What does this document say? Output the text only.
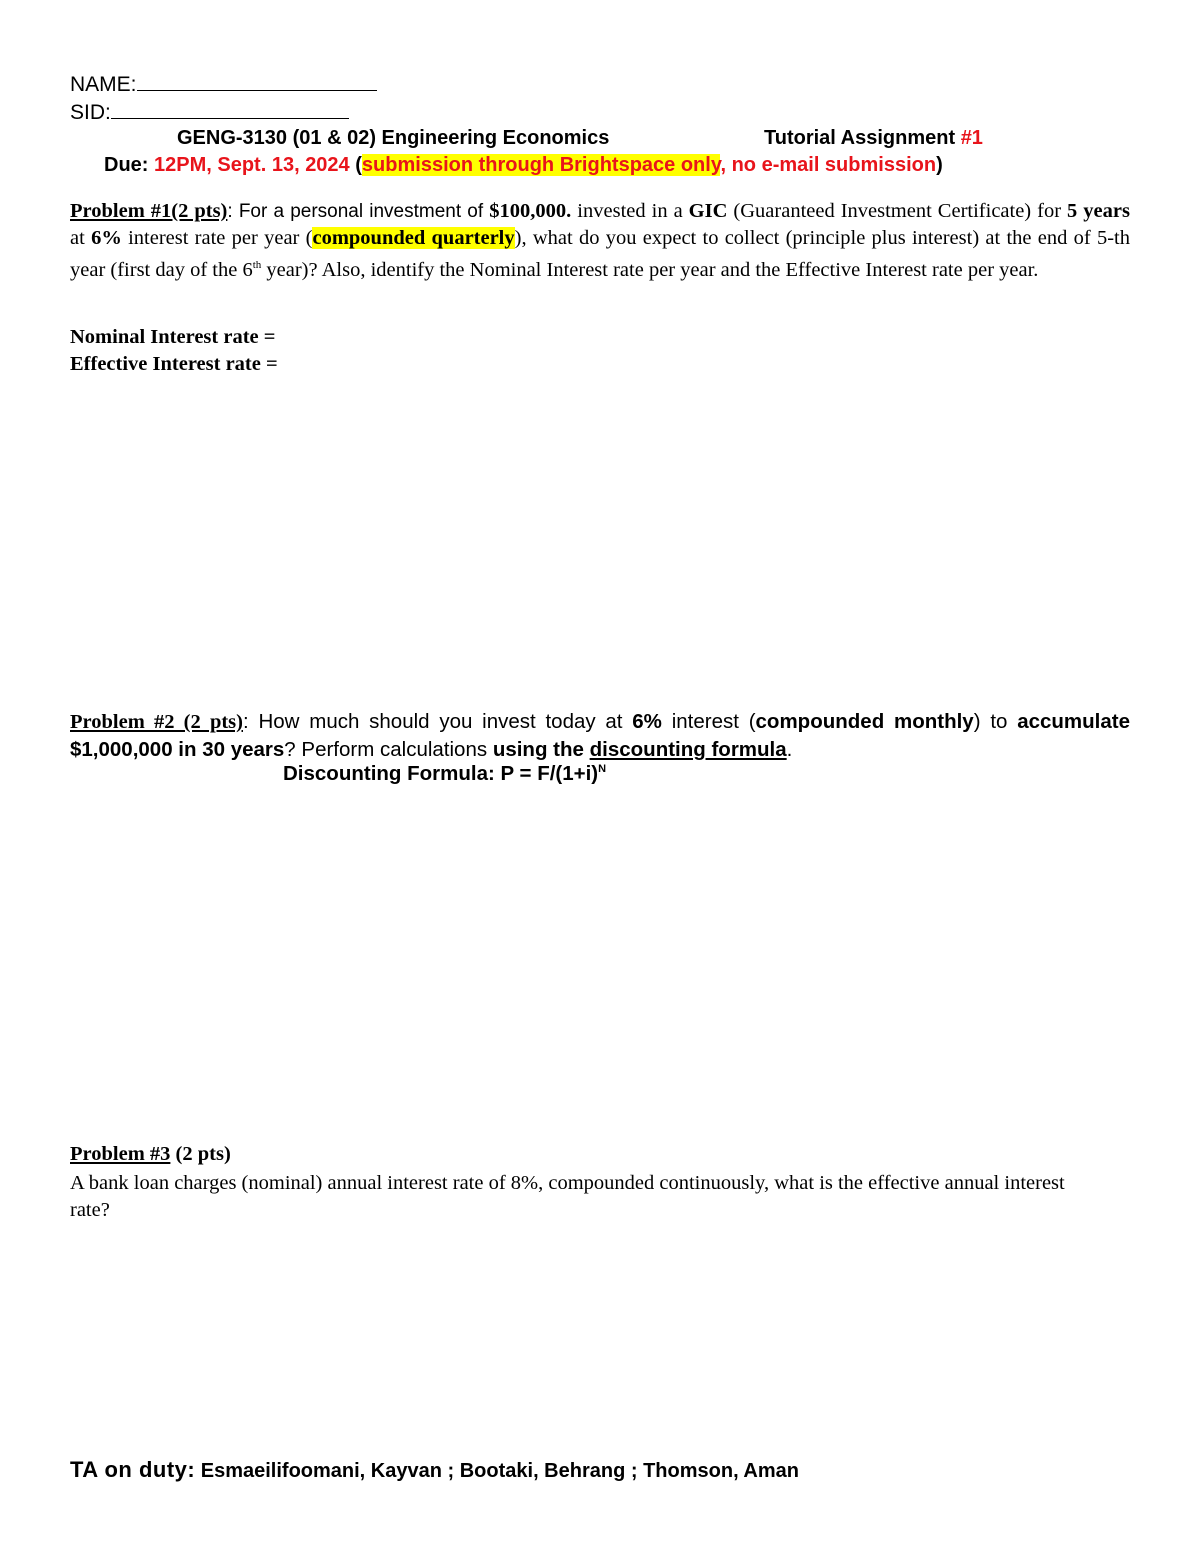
NAME:
SID:
GENG-3130 (01 & 02) Engineering Economics	Tutorial Assignment #1
Due: 12PM, Sept. 13, 2024 (submission through Brightspace only, no e-mail submission)
Problem #1(2 pts): For a personal investment of $100,000. invested in a GIC (Guaranteed Investment Certificate) for 5 years at 6% interest rate per year (compounded quarterly), what do you expect to collect (principle plus interest) at the end of 5-th year (first day of the 6th year)? Also, identify the Nominal Interest rate per year and the Effective Interest rate per year.
Nominal Interest rate =
Effective Interest rate =
Problem #2 (2 pts): How much should you invest today at 6% interest (compounded monthly) to accumulate $1,000,000 in 30 years? Perform calculations using the discounting formula.
Discounting Formula: $P = F/(1+i)^N$
Problem #3 (2 pts)
A bank loan charges (nominal) annual interest rate of 8%, compounded continuously, what is the effective annual interest rate?
TA on duty: Esmaeilifoomani, Kayvan ; Bootaki, Behrang ; Thomson, Aman
